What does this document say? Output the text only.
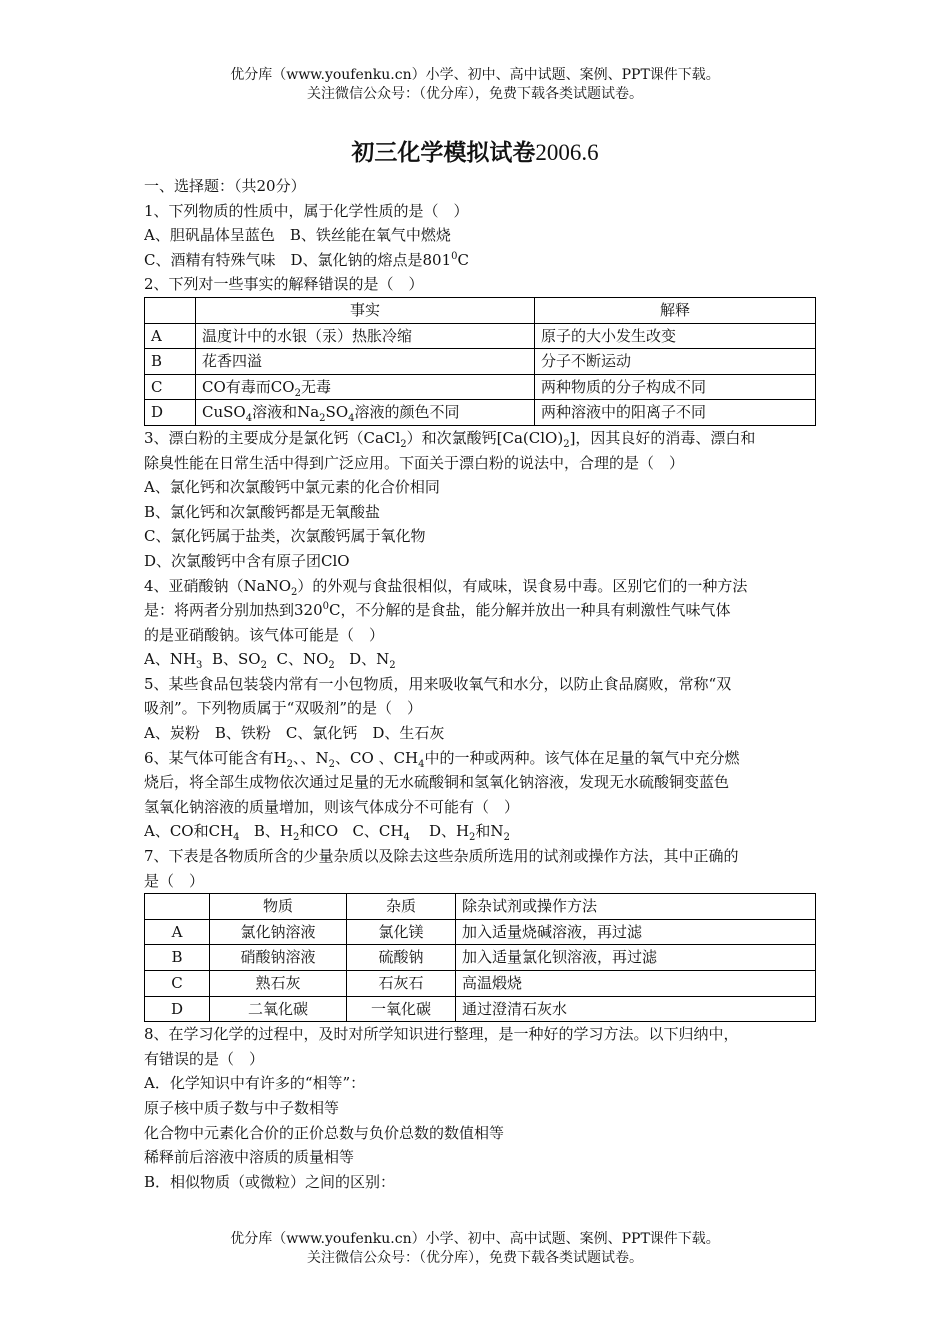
优分库（www.youfenku.cn）小学、初中、高中试题、案例、PPT课件下载。
关注微信公众号：（优分库），免费下载各类试题试卷。
初三化学模拟试卷2006.6
一、选择题：（共20分）
1、下列物质的性质中，属于化学性质的是（　）
A、胆矾晶体呈蓝色　B、铁丝能在氧气中燃烧
C、酒精有特殊气味　D、氯化钠的熔点是$801^0C$
2、下列对一些事实的解释错误的是（　）
	事实	解释
A	温度计中的水银（汞）热胀冷缩	原子的大小发生改变
B	花香四溢	分子不断运动
C	CO有毒而$CO_2$无毒	两种物质的分子构成不同
D	CuSO$_4$溶液和$Na_2SO_4$溶液的颜色不同	两种溶液中的阳离子不同
3、漂白粉的主要成分是氯化钙（CaCl$_2$）和次氯酸钙$[Ca(ClO)_2]$，因其良好的消毒、漂白和
除臭性能在日常生活中得到广泛应用。下面关于漂白粉的说法中，合理的是（　）
A、氯化钙和次氯酸钙中氯元素的化合价相同
B、氯化钙和次氯酸钙都是无氧酸盐
C、氯化钙属于盐类，次氯酸钙属于氧化物
D、次氯酸钙中含有原子团ClO
4、亚硝酸钠（NaNO$_2$）的外观与食盐很相似，有咸味，误食易中毒。区别它们的一种方法
是：将两者分别加热到$320^0C$，不分解的是食盐，能分解并放出一种具有刺激性气味气体
的是亚硝酸钠。该气体可能是（　）
A、$NH_3$ B、$SO_2$ C、$NO_2$ D、$N_2$
5、某些食品包装袋内常有一小包物质，用来吸收氧气和水分，以防止食品腐败，常称“双
吸剂”。下列物质属于“双吸剂”的是（　）
A、炭粉　B、铁粉　C、氯化钙　D、生石灰
6、某气体可能含有$H_2$、、$N_2$、CO 、$CH_4$中的一种或两种。该气体在足量的氧气中充分燃
烧后，将全部生成物依次通过足量的无水硫酸铜和氢氧化钠溶液，发现无水硫酸铜变蓝色
氢氧化钠溶液的质量增加，则该气体成分不可能有（　）
A、CO和$CH_4$ B、$H_2$和CO C、$CH_4$ D、$H_2$和$N_2$
7、下表是各物质所含的少量杂质以及除去这些杂质所选用的试剂或操作方法，其中正确的
是（　）
	物质	杂质	除杂试剂或操作方法
A	氯化钠溶液	氯化镁	加入适量烧碱溶液，再过滤
B	硝酸钠溶液	硫酸钠	加入适量氯化钡溶液，再过滤
C	熟石灰	石灰石	高温煅烧
D	二氧化碳	一氧化碳	通过澄清石灰水
8、在学习化学的过程中，及时对所学知识进行整理，是一种好的学习方法。以下归纳中，
有错误的是（　）
A．化学知识中有许多的“相等”：
原子核中质子数与中子数相等
化合物中元素化合价的正价总数与负价总数的数值相等
稀释前后溶液中溶质的质量相等
B．相似物质（或微粒）之间的区别：
优分库（www.youfenku.cn）小学、初中、高中试题、案例、PPT课件下载。
关注微信公众号：（优分库），免费下载各类试题试卷。
